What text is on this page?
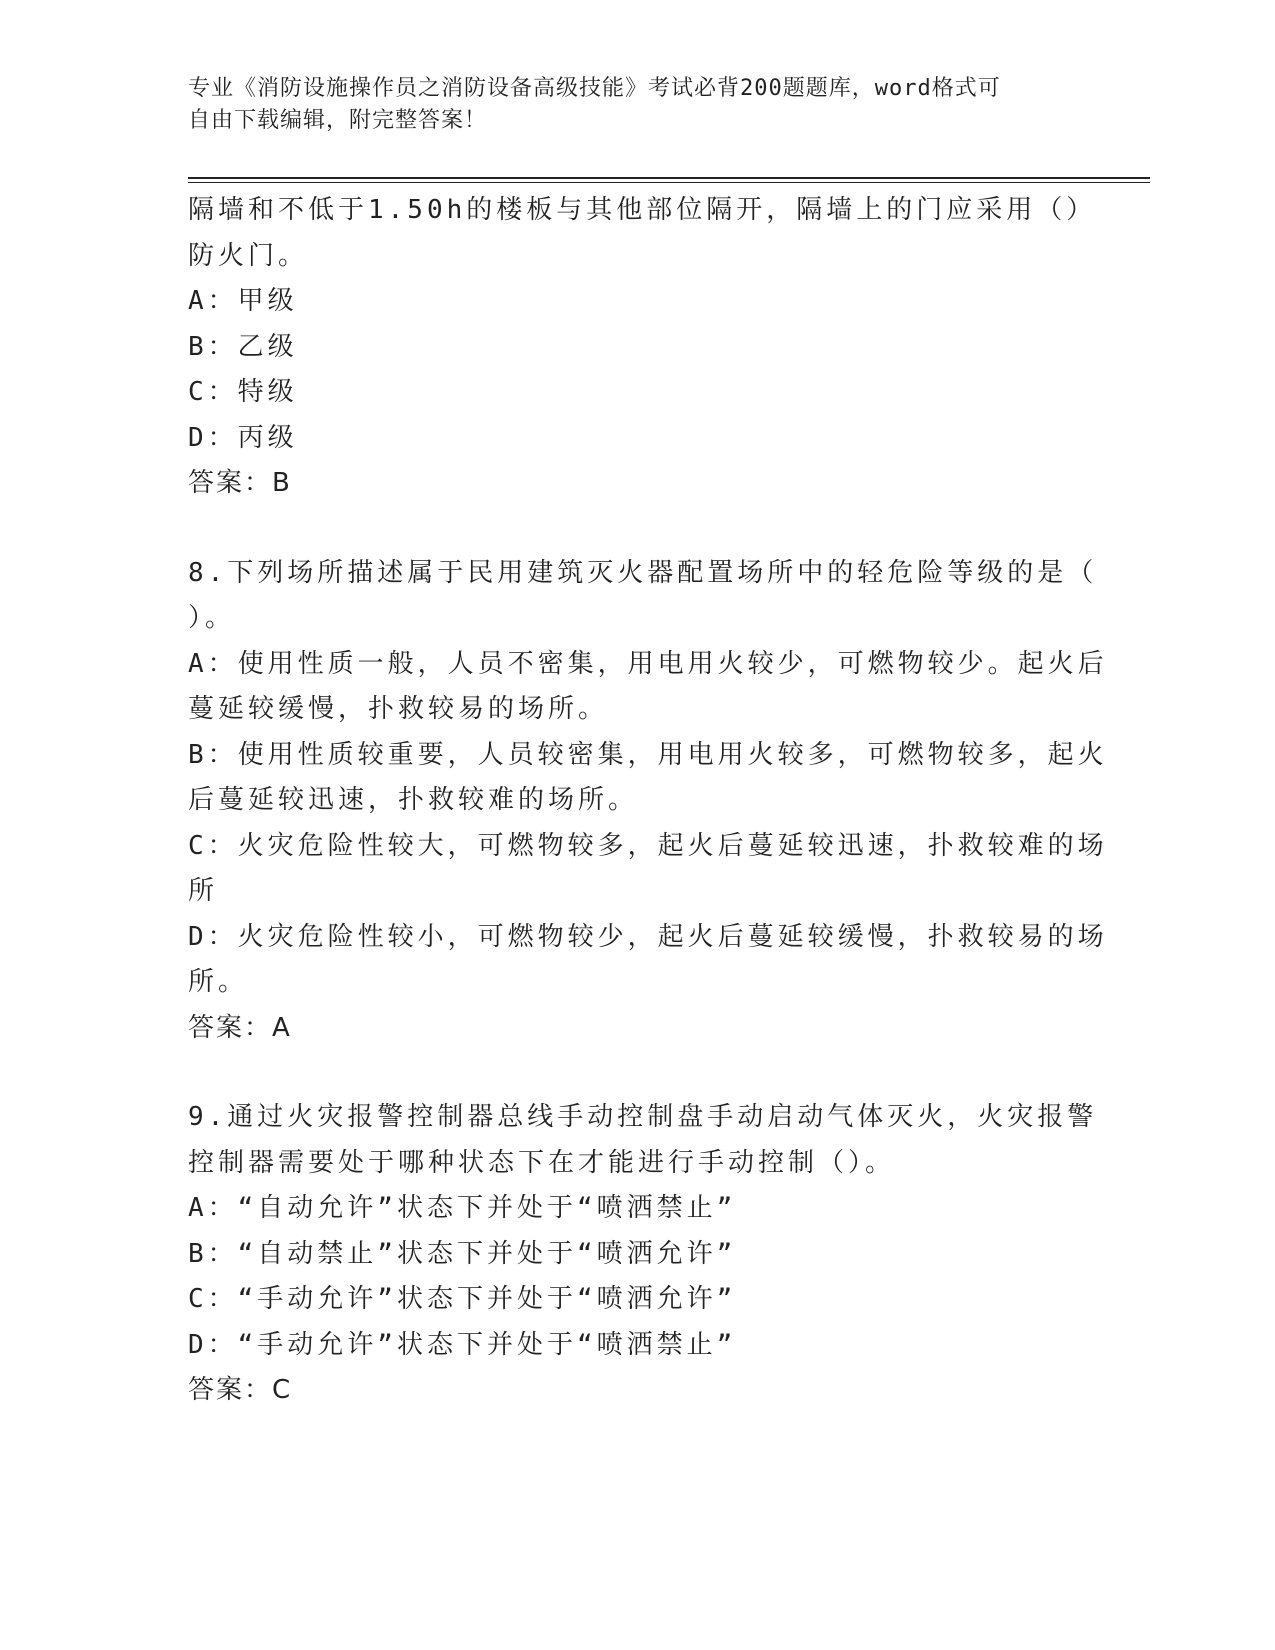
专业《消防设施操作员之消防设备高级技能》考试必背200题题库，word格式可
自由下载编辑，附完整答案！
隔墙和不低于1.50h的楼板与其他部位隔开，隔墙上的门应采用（）
防火门。
A：甲级
B：乙级
C：特级
D：丙级
答案：B
8.下列场所描述属于民用建筑灭火器配置场所中的轻危险等级的是（
）。
A：使用性质一般，人员不密集，用电用火较少，可燃物较少。起火后
蔓延较缓慢，扑救较易的场所。
B：使用性质较重要，人员较密集，用电用火较多，可燃物较多，起火
后蔓延较迅速，扑救较难的场所。
C：火灾危险性较大，可燃物较多，起火后蔓延较迅速，扑救较难的场
所
D：火灾危险性较小，可燃物较少，起火后蔓延较缓慢，扑救较易的场
所。
答案：A
9.通过火灾报警控制器总线手动控制盘手动启动气体灭火，火灾报警
控制器需要处于哪种状态下在才能进行手动控制（）。
A：“自动允许”状态下并处于“喷洒禁止”
B：“自动禁止”状态下并处于“喷洒允许”
C：“手动允许”状态下并处于“喷洒允许”
D：“手动允许”状态下并处于“喷洒禁止”
答案：C
